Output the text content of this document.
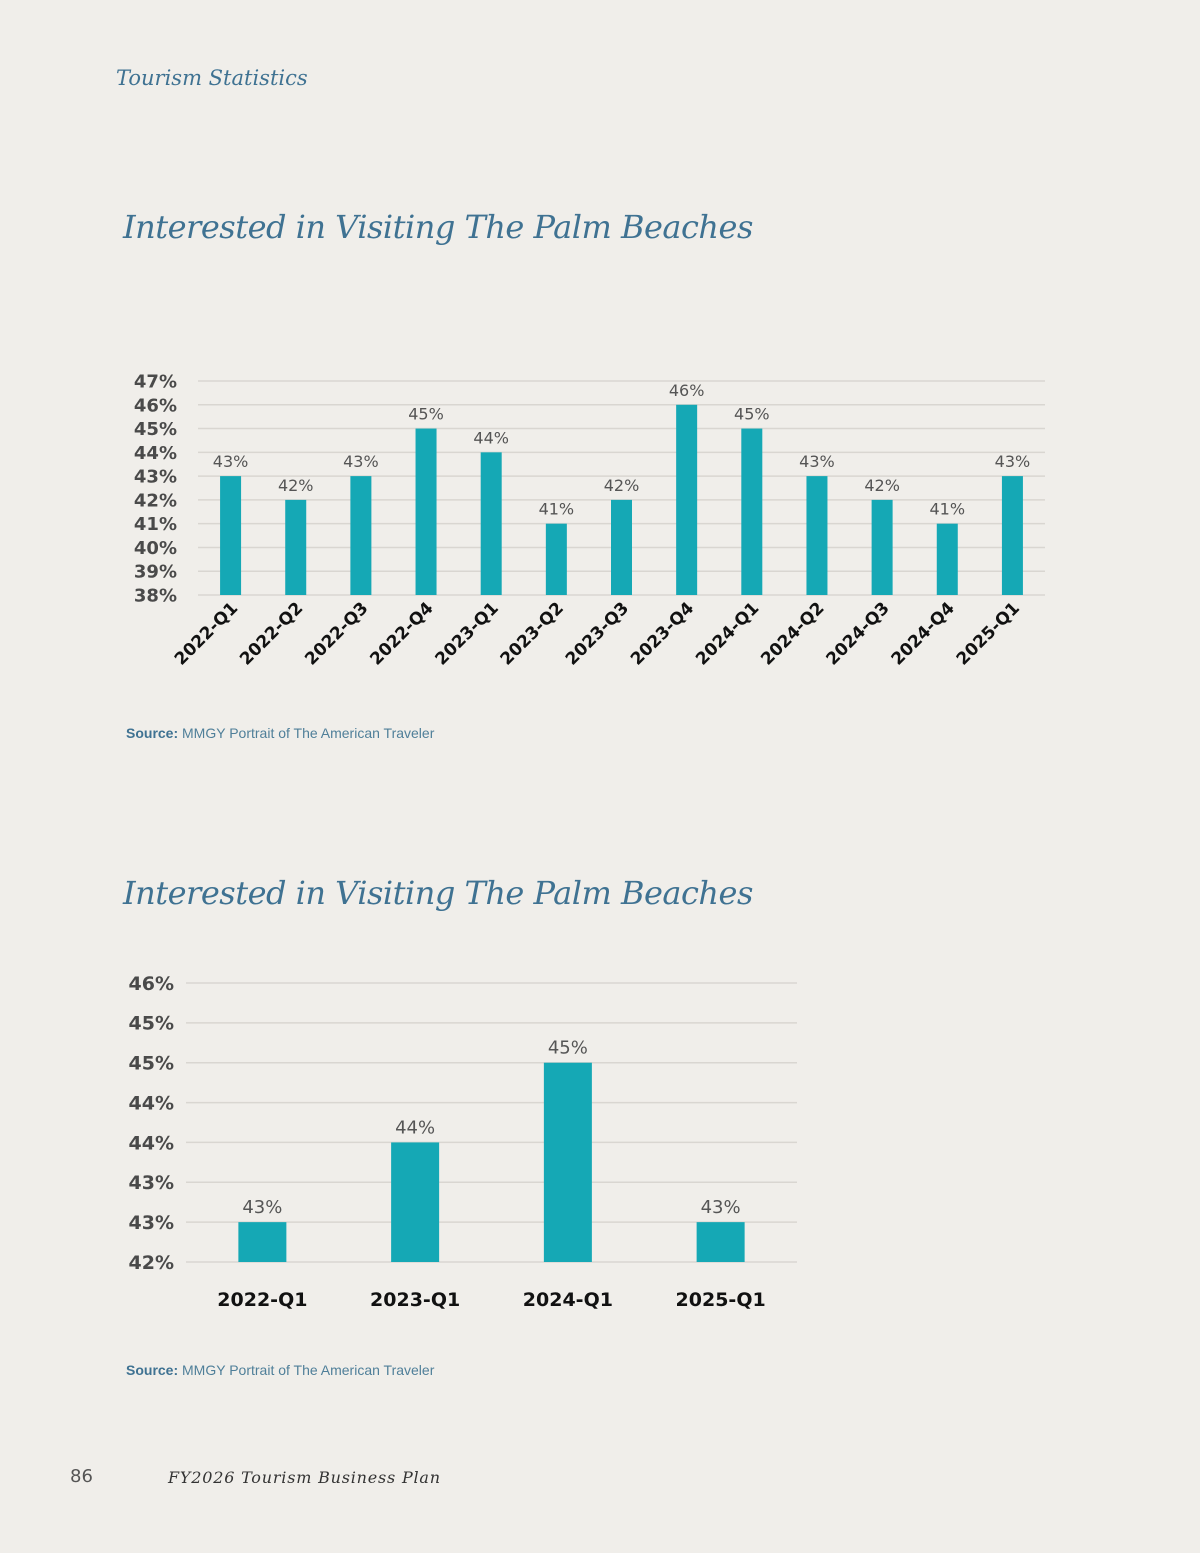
Tourism Statistics
Interested in Visiting The Palm Beaches
38%
39%
40%
41%
42%
43%
44%
45%
46%
47%
43%
2022-Q1
42%
2022-Q2
43%
2022-Q3
45%
2022-Q4
44%
2023-Q1
41%
2023-Q2
42%
2023-Q3
46%
2023-Q4
45%
2024-Q1
43%
2024-Q2
42%
2024-Q3
41%
2024-Q4
43%
2025-Q1
Source: MMGY Portrait of The American Traveler
Interested in Visiting The Palm Beaches
42%
43%
43%
44%
44%
45%
45%
46%
43%
2022-Q1
44%
2023-Q1
45%
2024-Q1
43%
2025-Q1
Source: MMGY Portrait of The American Traveler
86	FY2026 Tourism Business Plan
